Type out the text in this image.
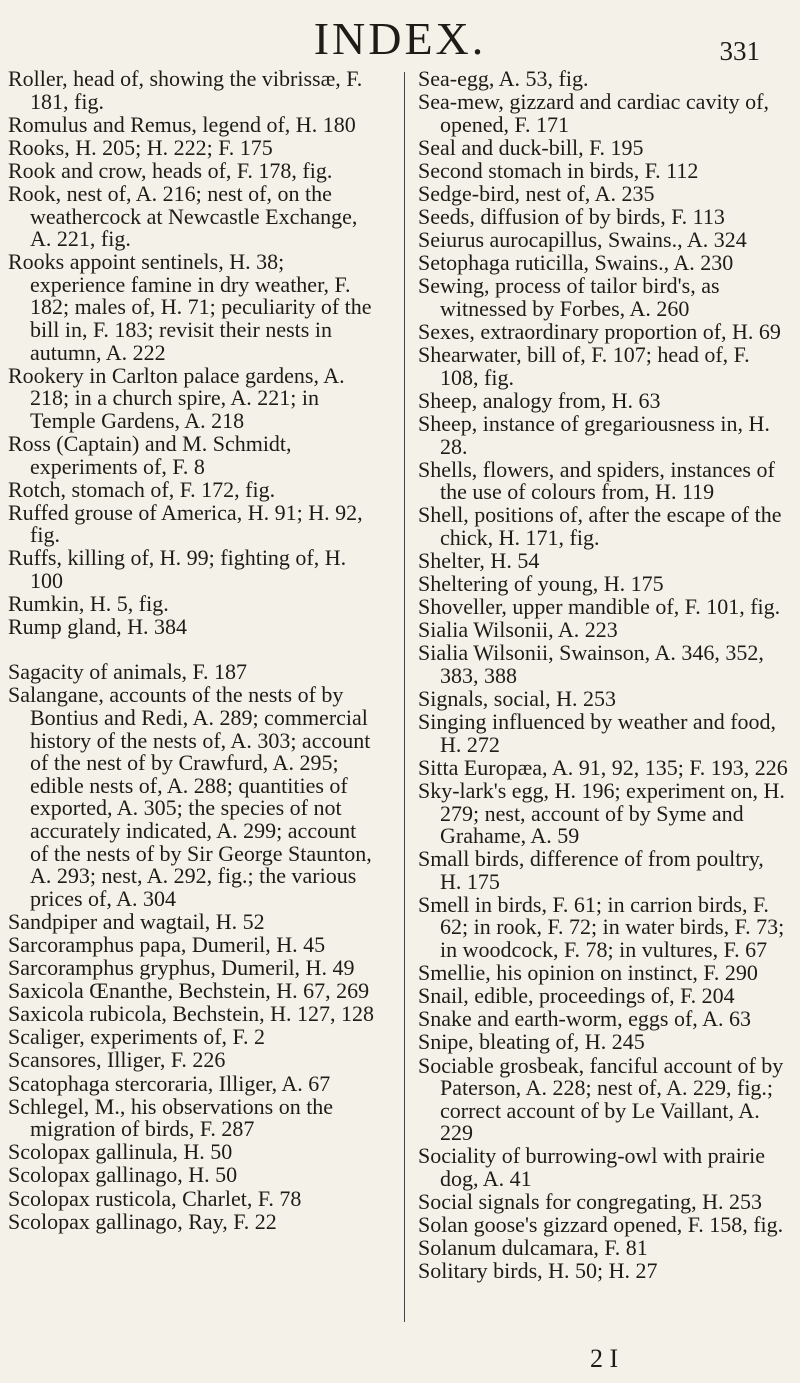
INDEX.	331

Roller, head of, showing the vibrissæ, F. 181, fig.

Romulus and Remus, legend of, H. 180

Rooks, H. 205; H. 222; F. 175

Rook and crow, heads of, F. 178, fig.

Rook, nest of, A. 216; nest of, on the weathercock at Newcastle Exchange, A. 221, fig.

Rooks appoint sentinels, H. 38; experience famine in dry weather, F. 182; males of, H. 71; peculiarity of the bill in, F. 183; revisit their nests in autumn, A. 222

Rookery in Carlton palace gardens, A. 218; in a church spire, A. 221; in Temple Gardens, A. 218

Ross (Captain) and M. Schmidt, experiments of, F. 8

Rotch, stomach of, F. 172, fig.

Ruffed grouse of America, H. 91; H. 92, fig.

Ruffs, killing of, H. 99; fighting of, H. 100

Rumkin, H. 5, fig.

Rump gland, H. 384

Sagacity of animals, F. 187

Salangane, accounts of the nests of by Bontius and Redi, A. 289; commercial history of the nests of, A. 303; account of the nest of by Crawfurd, A. 295; edible nests of, A. 288; quantities of exported, A. 305; the species of not accurately indicated, A. 299; account of the nests of by Sir George Staunton, A. 293; nest, A. 292, fig.; the various prices of, A. 304

Sandpiper and wagtail, H. 52

Sarcoramphus papa, Dumeril, H. 45

Sarcoramphus gryphus, Dumeril, H. 49

Saxicola Œnanthe, Bechstein, H. 67, 269

Saxicola rubicola, Bechstein, H. 127, 128

Scaliger, experiments of, F. 2

Scansores, Illiger, F. 226

Scatophaga stercoraria, Illiger, A. 67

Schlegel, M., his observations on the migration of birds, F. 287

Scolopax gallinula, H. 50

Scolopax gallinago, H. 50

Scolopax rusticola, Charlet, F. 78

Scolopax gallinago, Ray, F. 22

Sea-egg, A. 53, fig.

Sea-mew, gizzard and cardiac cavity of, opened, F. 171

Seal and duck-bill, F. 195

Second stomach in birds, F. 112

Sedge-bird, nest of, A. 235

Seeds, diffusion of by birds, F. 113

Seiurus aurocapillus, Swains., A. 324

Setophaga ruticilla, Swains., A. 230

Sewing, process of tailor bird's, as witnessed by Forbes, A. 260

Sexes, extraordinary proportion of, H. 69

Shearwater, bill of, F. 107; head of, F. 108, fig.

Sheep, analogy from, H. 63

Sheep, instance of gregariousness in, H. 28.

Shells, flowers, and spiders, instances of the use of colours from, H. 119

Shell, positions of, after the escape of the chick, H. 171, fig.

Shelter, H. 54

Sheltering of young, H. 175

Shoveller, upper mandible of, F. 101, fig.

Sialia Wilsonii, A. 223

Sialia Wilsonii, Swainson, A. 346, 352, 383, 388

Signals, social, H. 253

Singing influenced by weather and food, H. 272

Sitta Europæa, A. 91, 92, 135; F. 193, 226

Sky-lark's egg, H. 196; experiment on, H. 279; nest, account of by Syme and Grahame, A. 59

Small birds, difference of from poultry, H. 175

Smell in birds, F. 61; in carrion birds, F. 62; in rook, F. 72; in water birds, F. 73; in woodcock, F. 78; in vultures, F. 67

Smellie, his opinion on instinct, F. 290

Snail, edible, proceedings of, F. 204

Snake and earth-worm, eggs of, A. 63

Snipe, bleating of, H. 245

Sociable grosbeak, fanciful account of by Paterson, A. 228; nest of, A. 229, fig.; correct account of by Le Vaillant, A. 229

Sociality of burrowing-owl with prairie dog, A. 41

Social signals for congregating, H. 253

Solan goose's gizzard opened, F. 158, fig.

Solanum dulcamara, F. 81

Solitary birds, H. 50; H. 27

2 I
